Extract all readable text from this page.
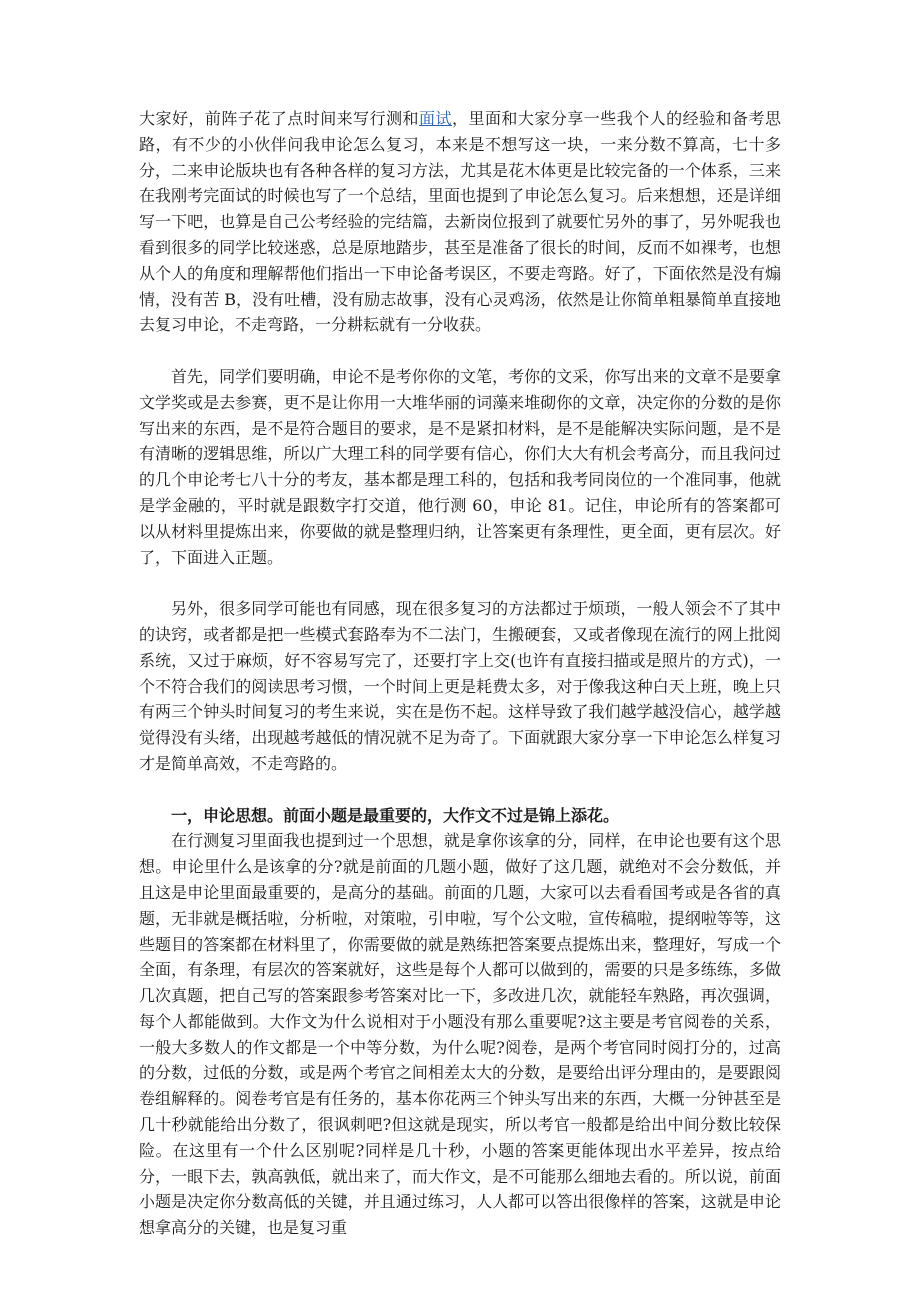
大家好，前阵子花了点时间来写行测和面试，里面和大家分享一些我个人的经验和备考思路，有不少的小伙伴问我申论怎么复习，本来是不想写这一块，一来分数不算高，七十多分，二来申论版块也有各种各样的复习方法，尤其是花木体更是比较完备的一个体系，三来在我刚考完面试的时候也写了一个总结，里面也提到了申论怎么复习。后来想想，还是详细写一下吧，也算是自己公考经验的完结篇，去新岗位报到了就要忙另外的事了，另外呢我也看到很多的同学比较迷惑，总是原地踏步，甚至是准备了很长的时间，反而不如裸考，也想从个人的角度和理解帮他们指出一下申论备考误区，不要走弯路。好了，下面依然是没有煽情，没有苦 B，没有吐槽，没有励志故事，没有心灵鸡汤，依然是让你简单粗暴简单直接地去复习申论，不走弯路，一分耕耘就有一分收获。

首先，同学们要明确，申论不是考你你的文笔，考你的文采，你写出来的文章不是要拿文学奖或是去参赛，更不是让你用一大堆华丽的词藻来堆砌你的文章，决定你的分数的是你写出来的东西，是不是符合题目的要求，是不是紧扣材料，是不是能解决实际问题，是不是有清晰的逻辑思维，所以广大理工科的同学要有信心，你们大大有机会考高分，而且我问过的几个申论考七八十分的考友，基本都是理工科的，包括和我考同岗位的一个准同事，他就是学金融的，平时就是跟数字打交道，他行测 60，申论 81。记住，申论所有的答案都可以从材料里提炼出来，你要做的就是整理归纳，让答案更有条理性，更全面，更有层次。好了，下面进入正题。

另外，很多同学可能也有同感，现在很多复习的方法都过于烦琐，一般人领会不了其中的诀窍，或者都是把一些模式套路奉为不二法门，生搬硬套，又或者像现在流行的网上批阅系统，又过于麻烦，好不容易写完了，还要打字上交(也许有直接扫描或是照片的方式)，一个不符合我们的阅读思考习惯，一个时间上更是耗费太多，对于像我这种白天上班，晚上只有两三个钟头时间复习的考生来说，实在是伤不起。这样导致了我们越学越没信心，越学越觉得没有头绪，出现越考越低的情况就不足为奇了。下面就跟大家分享一下申论怎么样复习才是简单高效，不走弯路的。

一，申论思想。前面小题是最重要的，大作文不过是锦上添花。

在行测复习里面我也提到过一个思想，就是拿你该拿的分，同样，在申论也要有这个思想。申论里什么是该拿的分?就是前面的几题小题，做好了这几题，就绝对不会分数低，并且这是申论里面最重要的，是高分的基础。前面的几题，大家可以去看看国考或是各省的真题，无非就是概括啦，分析啦，对策啦，引申啦，写个公文啦，宣传稿啦，提纲啦等等，这些题目的答案都在材料里了，你需要做的就是熟练把答案要点提炼出来，整理好，写成一个全面，有条理，有层次的答案就好，这些是每个人都可以做到的，需要的只是多练练，多做几次真题，把自己写的答案跟参考答案对比一下，多改进几次，就能轻车熟路，再次强调，每个人都能做到。大作文为什么说相对于小题没有那么重要呢?这主要是考官阅卷的关系，一般大多数人的作文都是一个中等分数，为什么呢?阅卷，是两个考官同时阅打分的，过高的分数，过低的分数，或是两个考官之间相差太大的分数，是要给出评分理由的，是要跟阅卷组解释的。阅卷考官是有任务的，基本你花两三个钟头写出来的东西，大概一分钟甚至是几十秒就能给出分数了，很讽刺吧?但这就是现实，所以考官一般都是给出中间分数比较保险。在这里有一个什么区别呢?同样是几十秒，小题的答案更能体现出水平差异，按点给分，一眼下去，孰高孰低，就出来了，而大作文，是不可能那么细地去看的。所以说，前面小题是决定你分数高低的关键，并且通过练习，人人都可以答出很像样的答案，这就是申论想拿高分的关键，也是复习重
